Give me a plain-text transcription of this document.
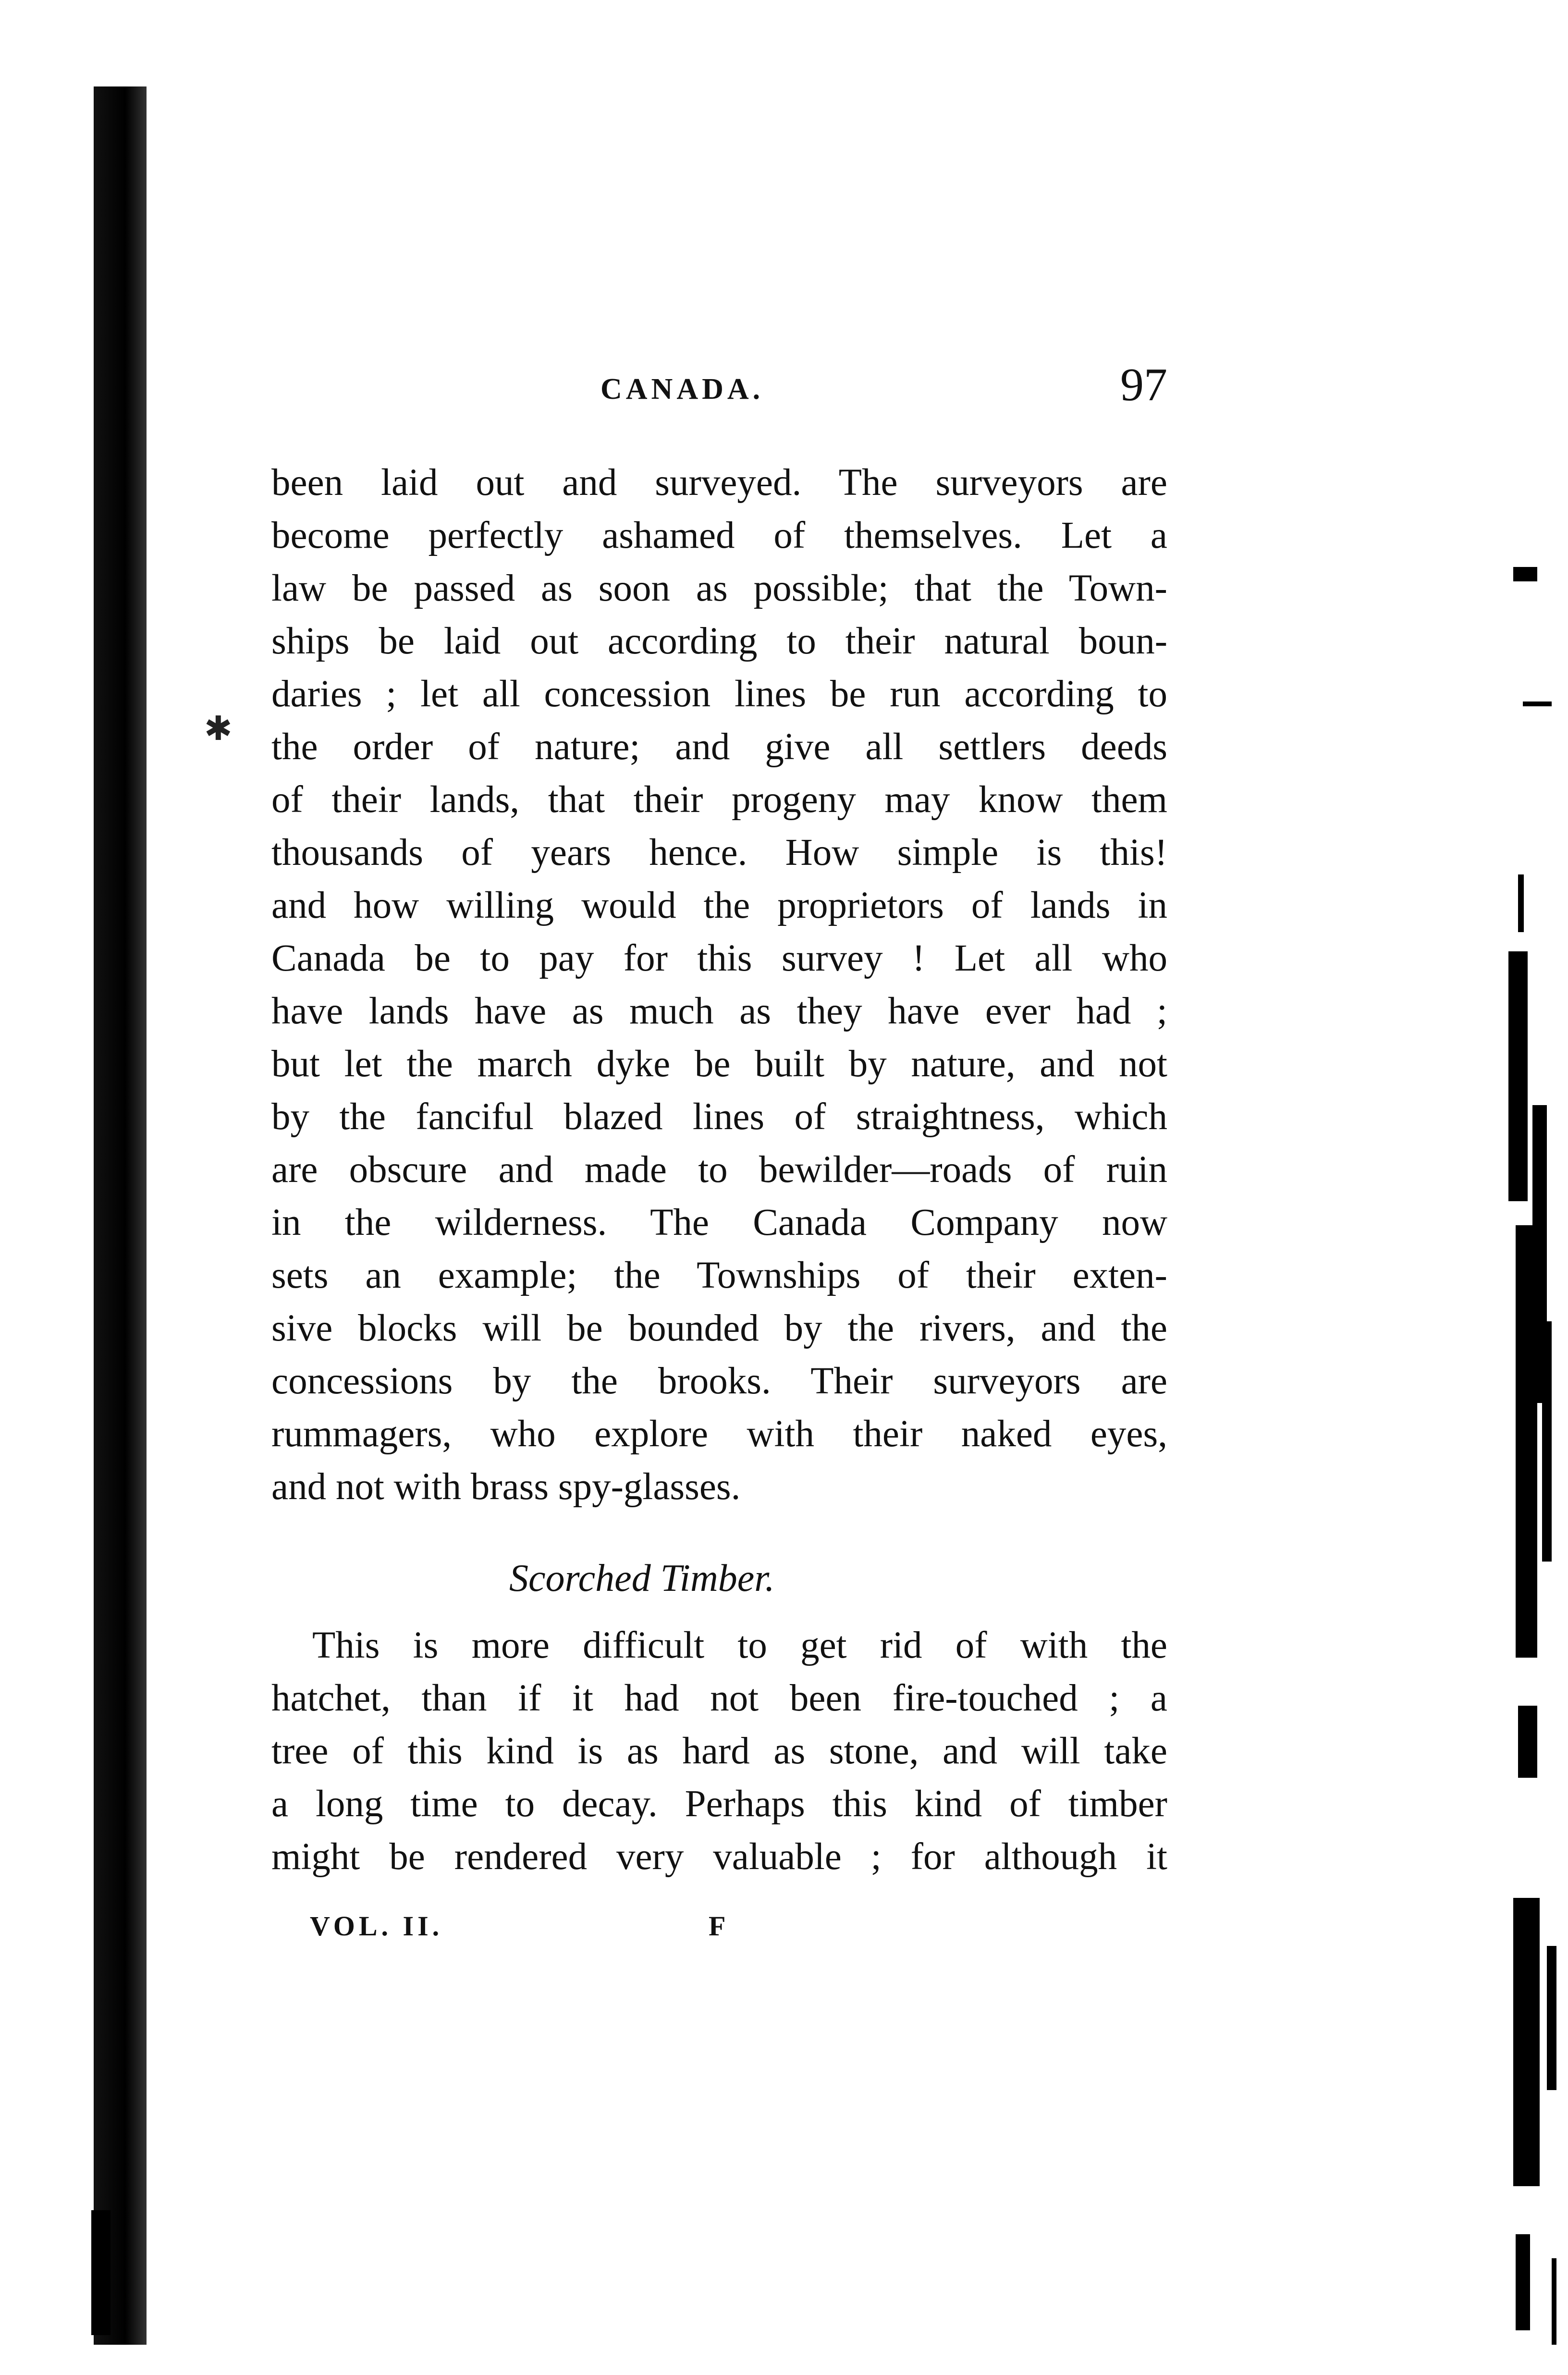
CANADA.	97
✱
been laid out and surveyed. The surveyors are
become perfectly ashamed of themselves. Let a
law be passed as soon as possible; that the Town-
ships be laid out according to their natural boun-
daries ; let all concession lines be run according to
the order of nature; and give all settlers deeds
of their lands, that their progeny may know them
thousands of years hence. How simple is this!
and how willing would the proprietors of lands in
Canada be to pay for this survey ! Let all who
have lands have as much as they have ever had ;
but let the march dyke be built by nature, and not
by the fanciful blazed lines of straightness, which
are obscure and made to bewilder—roads of ruin
in the wilderness. The Canada Company now
sets an example; the Townships of their exten-
sive blocks will be bounded by the rivers, and the
concessions by the brooks. Their surveyors are
rummagers, who explore with their naked eyes,
and not with brass spy-glasses.
Scorched Timber.
This is more difficult to get rid of with the
hatchet, than if it had not been fire-touched ; a
tree of this kind is as hard as stone, and will take
a long time to decay. Perhaps this kind of timber
might be rendered very valuable ; for although it
VOL. II.	F
